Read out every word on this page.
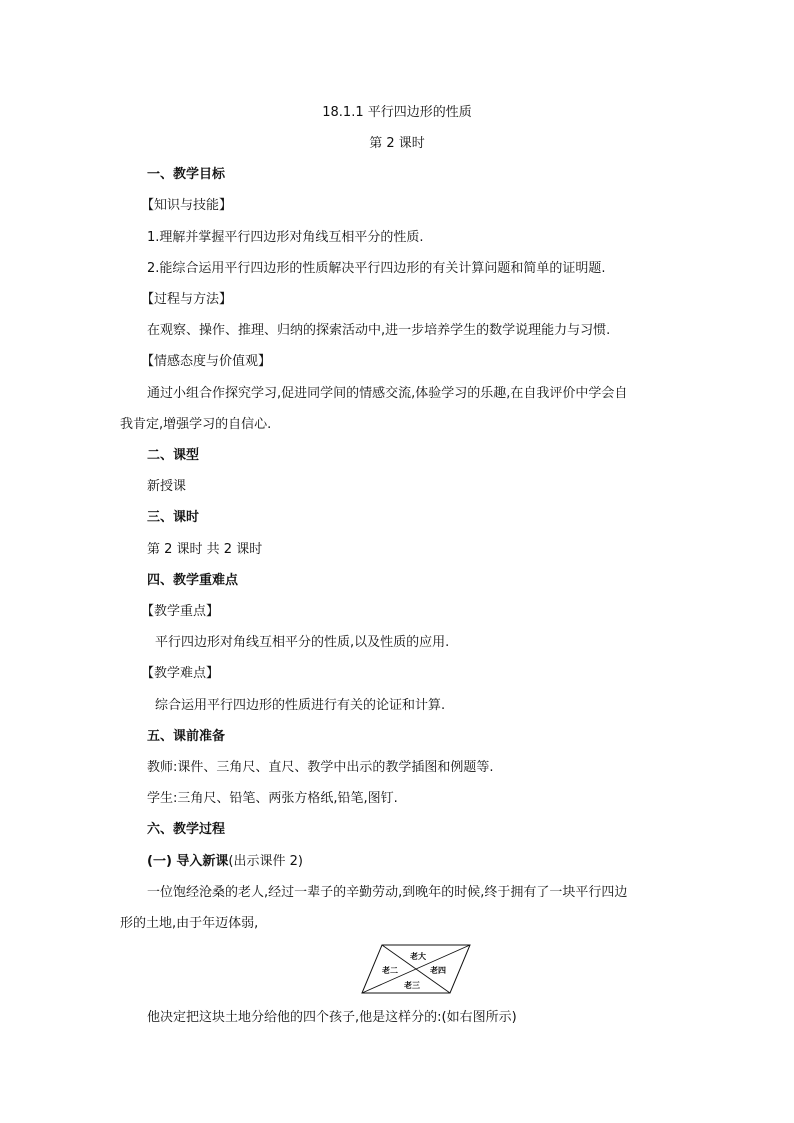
18.1.1 平行四边形的性质
第 2 课时
一、教学目标
【知识与技能】
1.理解并掌握平行四边形对角线互相平分的性质.
2.能综合运用平行四边形的性质解决平行四边形的有关计算问题和简单的证明题.
【过程与方法】
在观察、操作、推理、归纳的探索活动中,进一步培养学生的数学说理能力与习惯.
【情感态度与价值观】
通过小组合作探究学习,促进同学间的情感交流,体验学习的乐趣,在自我评价中学会自
我肯定,增强学习的自信心.
二、课型
新授课
三、课时
第 2 课时 共 2 课时
四、教学重难点
【教学重点】
平行四边形对角线互相平分的性质,以及性质的应用.
【教学难点】
综合运用平行四边形的性质进行有关的论证和计算.
五、课前准备
教师:课件、三角尺、直尺、教学中出示的教学插图和例题等.
学生:三角尺、铅笔、两张方格纸,铅笔,图钉.
六、教学过程
(一) 导入新课(出示课件 2)
一位饱经沧桑的老人,经过一辈子的辛勤劳动,到晚年的时候,终于拥有了一块平行四边
形的土地,由于年迈体弱,
老大
老二	老四
老三
他决定把这块土地分给他的四个孩子,他是这样分的:(如右图所示)
